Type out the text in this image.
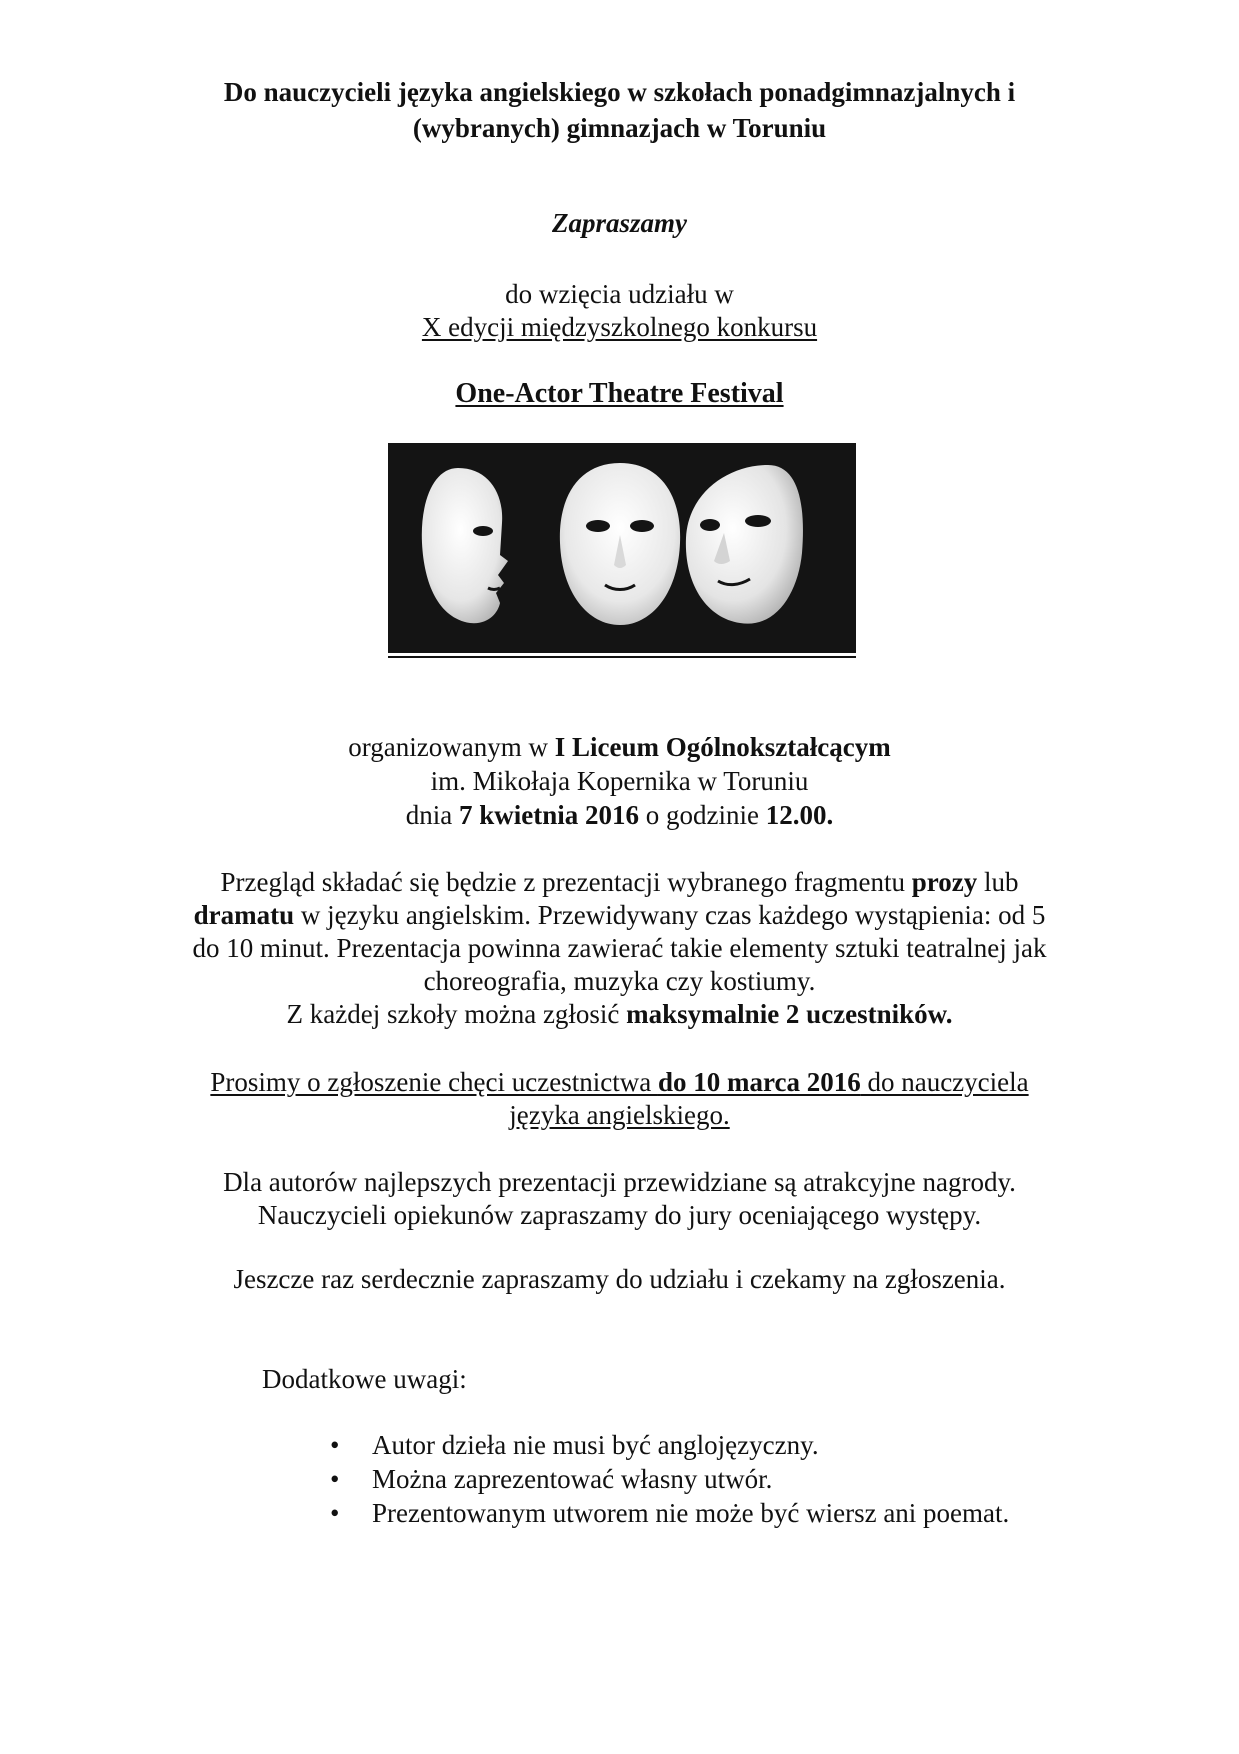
Do nauczycieli języka angielskiego w szkołach ponadgimnazjalnych i
(wybranych) gimnazjach w Toruniu
Zapraszamy
do wzięcia udziału w
X edycji międzyszkolnego konkursu
One-Actor Theatre Festival
organizowanym w I Liceum Ogólnokształcącym
im. Mikołaja Kopernika w Toruniu
dnia 7 kwietnia 2016 o godzinie 12.00.
Przegląd składać się będzie z prezentacji wybranego fragmentu prozy lub
dramatu w języku angielskim. Przewidywany czas każdego wystąpienia: od 5
do 10 minut. Prezentacja powinna zawierać takie elementy sztuki teatralnej jak
choreografia, muzyka czy kostiumy.
Z każdej szkoły można zgłosić maksymalnie 2 uczestników.
Prosimy o zgłoszenie chęci uczestnictwa do 10 marca 2016 do nauczyciela
języka angielskiego.
Dla autorów najlepszych prezentacji przewidziane są atrakcyjne nagrody.
Nauczycieli opiekunów zapraszamy do jury oceniającego występy.
Jeszcze raz serdecznie zapraszamy do udziału i czekamy na zgłoszenia.
Dodatkowe uwagi:
• Autor dzieła nie musi być anglojęzyczny.
• Można zaprezentować własny utwór.
• Prezentowanym utworem nie może być wiersz ani poemat.
